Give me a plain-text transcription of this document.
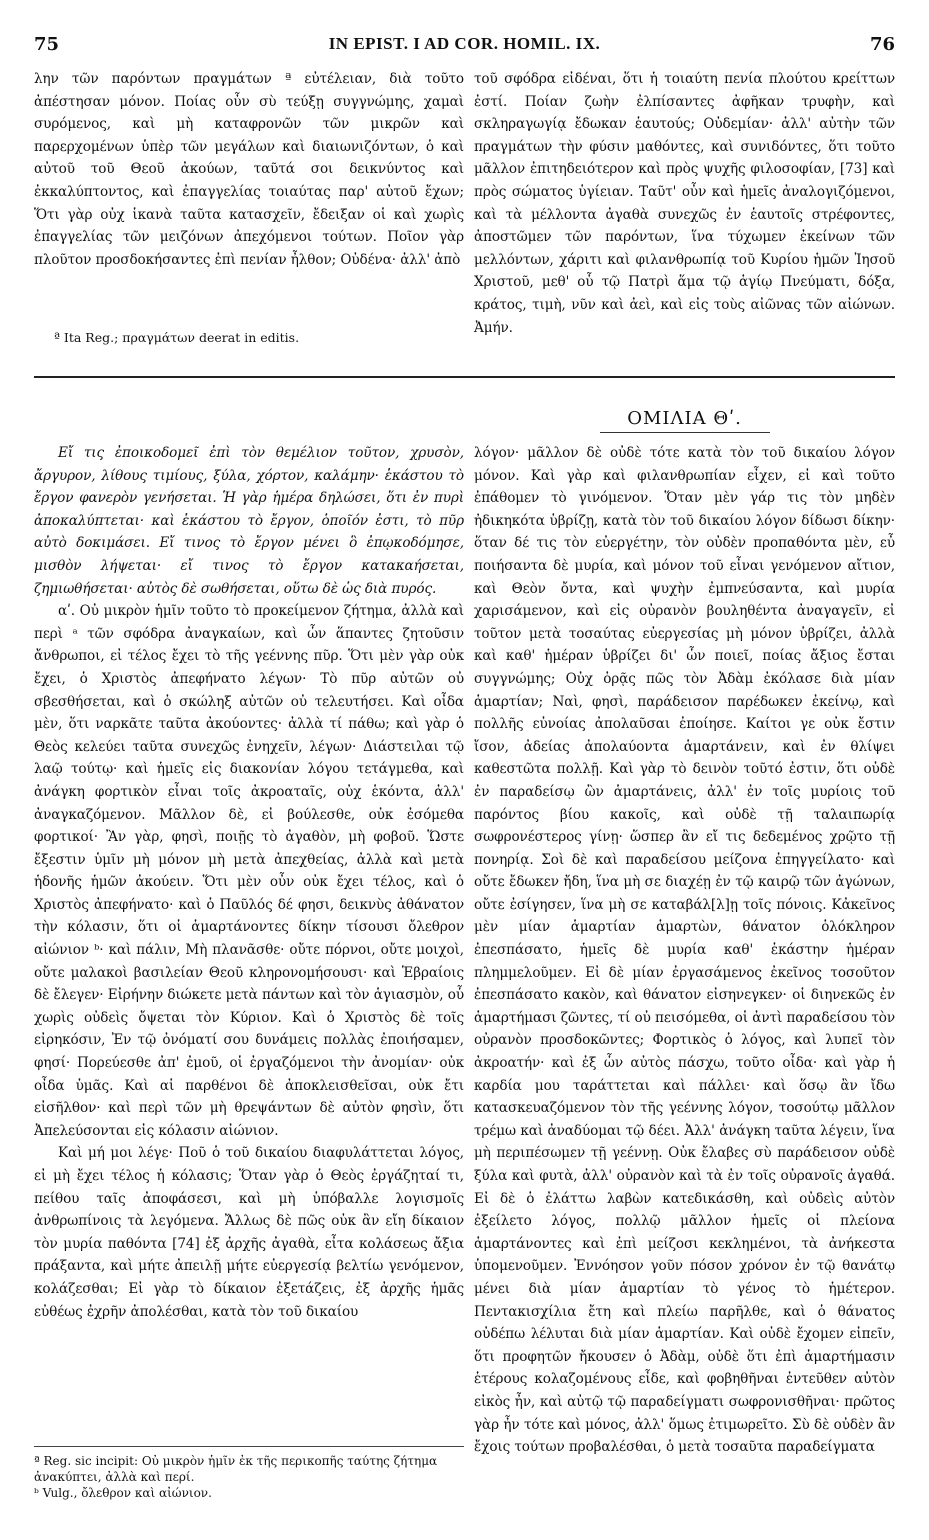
75	IN EPIST. I AD COR. HOMIL. IX.	76

λην τῶν παρόντων πραγμάτων ª εὐτέλειαν, διὰ τοῦτο ἀπέστησαν μόνον. Ποίας οὖν σὺ τεύξῃ συγγνώμης, χαμαὶ συρόμενος, καὶ μὴ καταφρονῶν τῶν μικρῶν καὶ παρερχομένων ὑπὲρ τῶν μεγάλων καὶ διαιωνιζόντων, ὁ καὶ αὐτοῦ τοῦ Θεοῦ ἀκούων, ταῦτά σοι δεικνύντος καὶ ἐκκαλύπτοντος, καὶ ἐπαγγελίας τοιαύτας παρ' αὐτοῦ ἔχων; Ὅτι γὰρ οὐχ ἱκανὰ ταῦτα κατασχεῖν, ἔδειξαν οἱ καὶ χωρὶς ἐπαγγελίας τῶν μειζόνων ἀπεχόμενοι τούτων. Ποῖον γὰρ πλοῦτον προσδοκήσαντες ἐπὶ πενίαν ἦλθον; Οὐδένα· ἀλλ' ἀπὸ

τοῦ σφόδρα εἰδέναι, ὅτι ἡ τοιαύτη πενία πλούτου κρείττων ἐστί. Ποίαν ζωὴν ἐλπίσαντες ἀφῆκαν τρυφὴν, καὶ σκληραγωγίᾳ ἔδωκαν ἑαυτούς; Οὐδεμίαν· ἀλλ' αὐτὴν τῶν πραγμάτων τὴν φύσιν μαθόντες, καὶ συνιδόντες, ὅτι τοῦτο μᾶλλον ἐπιτηδειότερον καὶ πρὸς ψυχῆς φιλοσοφίαν, [73] καὶ πρὸς σώματος ὑγίειαν. Ταῦτ' οὖν καὶ ἡμεῖς ἀναλογιζόμενοι, καὶ τὰ μέλλοντα ἀγαθὰ συνεχῶς ἐν ἑαυτοῖς στρέφοντες, ἀποστῶμεν τῶν παρόντων, ἵνα τύχωμεν ἐκείνων τῶν μελλόντων, χάριτι καὶ φιλανθρωπίᾳ τοῦ Κυρίου ἡμῶν Ἰησοῦ Χριστοῦ, μεθ' οὗ τῷ Πατρὶ ἅμα τῷ ἁγίῳ Πνεύματι, δόξα, κράτος, τιμὴ, νῦν καὶ ἀεὶ, καὶ εἰς τοὺς αἰῶνας τῶν αἰώνων. Ἀμήν.

ª Ita Reg.; πραγμάτων deerat in editis.

ΟΜΙΛΙΑ Θʹ.

Εἴ τις ἐποικοδομεῖ ἐπὶ τὸν θεμέλιον τοῦτον, χρυσὸν, ἄργυρον, λίθους τιμίους, ξύλα, χόρτον, καλάμην· ἑκάστου τὸ ἔργον φανερὸν γενήσεται. Ἡ γὰρ ἡμέρα δηλώσει, ὅτι ἐν πυρὶ ἀποκαλύπτεται· καὶ ἑκάστου τὸ ἔργον, ὁποῖόν ἐστι, τὸ πῦρ αὐτὸ δοκιμάσει. Εἴ τινος τὸ ἔργον μένει ὃ ἐπῳκοδόμησε, μισθὸν λήψεται· εἴ τινος τὸ ἔργον κατακαήσεται, ζημιωθήσεται· αὐτὸς δὲ σωθήσεται, οὕτω δὲ ὡς διὰ πυρός.

αʹ. Οὐ μικρὸν ἡμῖν τοῦτο τὸ προκείμενον ζήτημα, ἀλλὰ καὶ περὶ ᵃ τῶν σφόδρα ἀναγκαίων, καὶ ὧν ἅπαντες ζητοῦσιν ἄνθρωποι, εἰ τέλος ἔχει τὸ τῆς γεέννης πῦρ. Ὅτι μὲν γὰρ οὐκ ἔχει, ὁ Χριστὸς ἀπεφήνατο λέγων· Τὸ πῦρ αὐτῶν οὐ σβεσθήσεται, καὶ ὁ σκώληξ αὐτῶν οὐ τελευτήσει. Καὶ οἶδα μὲν, ὅτι ναρκᾶτε ταῦτα ἀκούοντες· ἀλλὰ τί πάθω; καὶ γὰρ ὁ Θεὸς κελεύει ταῦτα συνεχῶς ἐνηχεῖν, λέγων· Διάστειλαι τῷ λαῷ τούτῳ· καὶ ἡμεῖς εἰς διακονίαν λόγου τετάγμεθα, καὶ ἀνάγκη φορτικὸν εἶναι τοῖς ἀκροαταῖς, οὐχ ἑκόντα, ἀλλ' ἀναγκαζόμενον. Μᾶλλον δὲ, εἰ βούλεσθε, οὐκ ἐσόμεθα φορτικοί· Ἂν γὰρ, φησὶ, ποιῇς τὸ ἀγαθὸν, μὴ φοβοῦ. Ὥστε ἔξεστιν ὑμῖν μὴ μόνον μὴ μετὰ ἀπεχθείας, ἀλλὰ καὶ μετὰ ἡδονῆς ἡμῶν ἀκούειν. Ὅτι μὲν οὖν οὐκ ἔχει τέλος, καὶ ὁ Χριστὸς ἀπεφήνατο· καὶ ὁ Παῦλός δέ φησι, δεικνὺς ἀθάνατον τὴν κόλασιν, ὅτι οἱ ἁμαρτάνοντες δίκην τίσουσι ὄλεθρον αἰώνιον ᵇ· καὶ πάλιν, Μὴ πλανᾶσθε· οὔτε πόρνοι, οὔτε μοιχοὶ, οὔτε μαλακοὶ βασιλείαν Θεοῦ κληρονομήσουσι· καὶ Ἑβραίοις δὲ ἔλεγεν· Εἰρήνην διώκετε μετὰ πάντων καὶ τὸν ἁγιασμὸν, οὗ χωρὶς οὐδεὶς ὄψεται τὸν Κύριον. Καὶ ὁ Χριστὸς δὲ τοῖς εἰρηκόσιν, Ἐν τῷ ὀνόματί σου δυνάμεις πολλὰς ἐποιήσαμεν, φησί· Πορεύεσθε ἀπ' ἐμοῦ, οἱ ἐργαζόμενοι τὴν ἀνομίαν· οὐκ οἶδα ὑμᾶς. Καὶ αἱ παρθένοι δὲ ἀποκλεισθεῖσαι, οὐκ ἔτι εἰσῆλθον· καὶ περὶ τῶν μὴ θρεψάντων δὲ αὐτὸν φησὶν, ὅτι Ἀπελεύσονται εἰς κόλασιν αἰώνιον.

Καὶ μή μοι λέγε· Ποῦ ὁ τοῦ δικαίου διαφυλάττεται λόγος, εἰ μὴ ἔχει τέλος ἡ κόλασις; Ὅταν γὰρ ὁ Θεὸς ἐργάζηταί τι, πείθου ταῖς ἀποφάσεσι, καὶ μὴ ὑπόβαλλε λογισμοῖς ἀνθρωπίνοις τὰ λεγόμενα. Ἄλλως δὲ πῶς οὐκ ἂν εἴη δίκαιον τὸν μυρία παθόντα [74] ἐξ ἀρχῆς ἀγαθὰ, εἶτα κολάσεως ἄξια πράξαντα, καὶ μήτε ἀπειλῇ μήτε εὐεργεσίᾳ βελτίω γενόμενον, κολάζεσθαι; Εἰ γὰρ τὸ δίκαιον ἐξετάζεις, ἐξ ἀρχῆς ἡμᾶς εὐθέως ἐχρῆν ἀπολέσθαι, κατὰ τὸν τοῦ δικαίου

λόγον· μᾶλλον δὲ οὐδὲ τότε κατὰ τὸν τοῦ δικαίου λόγον μόνον. Καὶ γὰρ καὶ φιλανθρωπίαν εἶχεν, εἰ καὶ τοῦτο ἐπάθομεν τὸ γινόμενον. Ὅταν μὲν γάρ τις τὸν μηδὲν ἠδικηκότα ὑβρίζῃ, κατὰ τὸν τοῦ δικαίου λόγον δίδωσι δίκην· ὅταν δέ τις τὸν εὐεργέτην, τὸν οὐδὲν προπαθόντα μὲν, εὖ ποιήσαντα δὲ μυρία, καὶ μόνον τοῦ εἶναι γενόμενον αἴτιον, καὶ Θεὸν ὄντα, καὶ ψυχὴν ἐμπνεύσαντα, καὶ μυρία χαρισάμενον, καὶ εἰς οὐρανὸν βουληθέντα ἀναγαγεῖν, εἰ τοῦτον μετὰ τοσαύτας εὐεργεσίας μὴ μόνον ὑβρίζει, ἀλλὰ καὶ καθ' ἡμέραν ὑβρίζει δι' ὧν ποιεῖ, ποίας ἄξιος ἔσται συγγνώμης; Οὐχ ὁρᾷς πῶς τὸν Ἀδὰμ ἐκόλασε διὰ μίαν ἁμαρτίαν; Ναὶ, φησὶ, παράδεισον παρέδωκεν ἐκείνῳ, καὶ πολλῆς εὐνοίας ἀπολαῦσαι ἐποίησε. Καίτοι γε οὐκ ἔστιν ἴσον, ἀδείας ἀπολαύοντα ἁμαρτάνειν, καὶ ἐν θλίψει καθεστῶτα πολλῇ. Καὶ γὰρ τὸ δεινὸν τοῦτό ἐστιν, ὅτι οὐδὲ ἐν παραδείσῳ ὢν ἁμαρτάνεις, ἀλλ' ἐν τοῖς μυρίοις τοῦ παρόντος βίου κακοῖς, καὶ οὐδὲ τῇ ταλαιπωρίᾳ σωφρονέστερος γίνῃ· ὥσπερ ἂν εἴ τις δεδεμένος χρῷτο τῇ πονηρίᾳ. Σοὶ δὲ καὶ παραδείσου μείζονα ἐπηγγείλατο· καὶ οὔτε ἔδωκεν ἤδη, ἵνα μὴ σε διαχέῃ ἐν τῷ καιρῷ τῶν ἀγώνων, οὔτε ἐσίγησεν, ἵνα μὴ σε καταβάλ[λ]ῃ τοῖς πόνοις. Κἀκεῖνος μὲν μίαν ἁμαρτίαν ἁμαρτὼν, θάνατον ὁλόκληρον ἐπεσπάσατο, ἡμεῖς δὲ μυρία καθ' ἑκάστην ἡμέραν πλημμελοῦμεν. Εἰ δὲ μίαν ἐργασάμενος ἐκεῖνος τοσοῦτον ἐπεσπάσατο κακὸν, καὶ θάνατον εἰσηνεγκεν· οἱ διηνεκῶς ἐν ἁμαρτήμασι ζῶντες, τί οὐ πεισόμεθα, οἱ ἀντὶ παραδείσου τὸν οὐρανὸν προσδοκῶντες; Φορτικὸς ὁ λόγος, καὶ λυπεῖ τὸν ἀκροατήν· καὶ ἐξ ὧν αὐτὸς πάσχω, τοῦτο οἶδα· καὶ γὰρ ἡ καρδία μου ταράττεται καὶ πάλλει· καὶ ὅσῳ ἂν ἴδω κατασκευαζόμενον τὸν τῆς γεέννης λόγον, τοσούτῳ μᾶλλον τρέμω καὶ ἀναδύομαι τῷ δέει. Ἀλλ' ἀνάγκη ταῦτα λέγειν, ἵνα μὴ περιπέσωμεν τῇ γεέννῃ. Οὐκ ἔλαβες σὺ παράδεισον οὐδὲ ξύλα καὶ φυτὰ, ἀλλ' οὐρανὸν καὶ τὰ ἐν τοῖς οὐρανοῖς ἀγαθά. Εἰ δὲ ὁ ἐλάττω λαβὼν κατεδικάσθη, καὶ οὐδεὶς αὐτὸν ἐξείλετο λόγος, πολλῷ μᾶλλον ἡμεῖς οἱ πλείονα ἁμαρτάνοντες καὶ ἐπὶ μείζοσι κεκλημένοι, τὰ ἀνήκεστα ὑπομενοῦμεν. Ἐννόησον γοῦν πόσον χρόνον ἐν τῷ θανάτῳ μένει διὰ μίαν ἁμαρτίαν τὸ γένος τὸ ἡμέτερον. Πεντακισχίλια ἔτη καὶ πλείω παρῆλθε, καὶ ὁ θάνατος οὐδέπω λέλυται διὰ μίαν ἁμαρτίαν. Καὶ οὐδὲ ἔχομεν εἰπεῖν, ὅτι προφητῶν ἤκουσεν ὁ Ἀδὰμ, οὐδὲ ὅτι ἐπὶ ἁμαρτήμασιν ἑτέρους κολαζομένους εἶδε, καὶ φοβηθῆναι ἐντεῦθεν αὐτὸν εἰκὸς ἦν, καὶ αὐτῷ τῷ παραδείγματι σωφρονισθῆναι· πρῶτος γὰρ ἦν τότε καὶ μόνος, ἀλλ' ὅμως ἐτιμωρεῖτο. Σὺ δὲ οὐδὲν ἂν ἔχοις τούτων προβαλέσθαι, ὁ μετὰ τοσαῦτα παραδείγματα

ª Reg. sic incipit: Οὐ μικρὸν ἡμῖν ἐκ τῆς περικοπῆς ταύτης ζήτημα ἀνακύπτει, ἀλλὰ καὶ περί.

ᵇ Vulg., ὄλεθρον καὶ αἰώνιον.
